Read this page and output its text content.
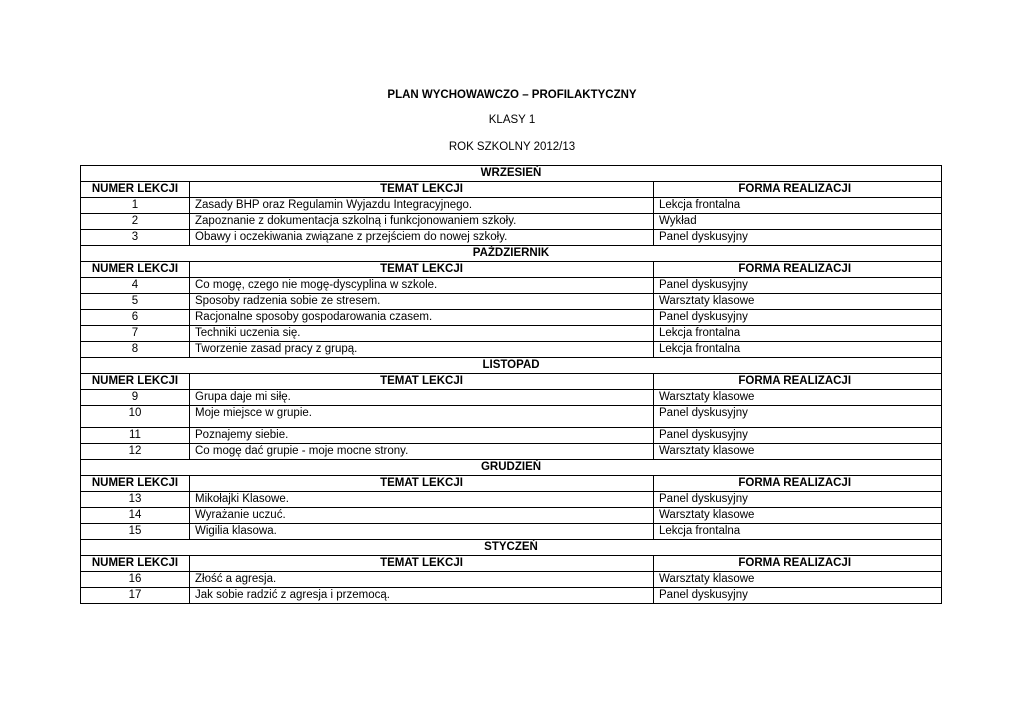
PLAN WYCHOWAWCZO – PROFILAKTYCZNY
KLASY 1
ROK SZKOLNY 2012/13
WRZESIEŃ		
NUMER LEKCJI	TEMAT LEKCJI	FORMA REALIZACJI
1	Zasady BHP oraz Regulamin Wyjazdu Integracyjnego.	Lekcja frontalna
2	Zapoznanie z dokumentacja szkolną i funkcjonowaniem szkoły.	Wykład
3	Obawy i oczekiwania związane z przejściem do nowej szkoły.	Panel dyskusyjny
PAŹDZIERNIK		
NUMER LEKCJI	TEMAT LEKCJI	FORMA REALIZACJI
4	Co mogę, czego nie mogę-dyscyplina w szkole.	Panel dyskusyjny
5	Sposoby radzenia sobie ze stresem.	Warsztaty klasowe
6	Racjonalne sposoby gospodarowania czasem.	Panel dyskusyjny
7	Techniki uczenia się.	Lekcja frontalna
8	Tworzenie zasad pracy z grupą.	Lekcja frontalna
LISTOPAD		
NUMER LEKCJI	TEMAT LEKCJI	FORMA REALIZACJI
9	Grupa daje mi siłę.	Warsztaty klasowe
10	Moje miejsce w grupie.	Panel dyskusyjny
11	Poznajemy siebie.	Panel dyskusyjny
12	Co mogę dać grupie - moje mocne strony.	Warsztaty klasowe
GRUDZIEŃ		
NUMER LEKCJI	TEMAT LEKCJI	FORMA REALIZACJI
13	Mikołajki Klasowe.	Panel dyskusyjny
14	Wyrażanie uczuć.	Warsztaty klasowe
15	Wigilia klasowa.	Lekcja frontalna
STYCZEŃ		
NUMER LEKCJI	TEMAT LEKCJI	FORMA REALIZACJI
16	Złość a agresja.	Warsztaty klasowe
17	Jak sobie radzić z agresja i przemocą.	Panel dyskusyjny
